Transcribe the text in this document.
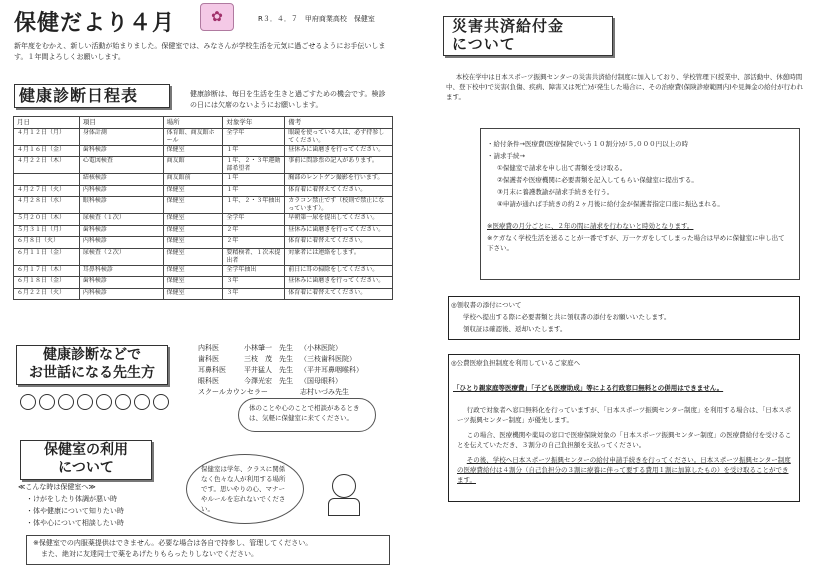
保健だより４月	✿	R３．４．７　甲府商業高校　保健室
新年度をむかえ、新しい活動が始まりました。保健室では、みなさんが学校生活を元気に過ごせるようにお手伝いします。１年間よろしくお願いします。
健康診断日程表	健康診断は、毎日を生活を生きと過ごすための機会です。検診の日には欠席のないようにお願いします。
月日	項目	場所	対象学年	備考
４月１２日（月）	身体計測	体育館、商友館ホール	全学年	眼鏡を使っている人は、必ず持参してください。
４月１６日（金）	歯科検診	保健室	１年	昼休みに歯磨きを行ってください。
４月２２日（木）	心電図検査	商友館	１年、２・３年運動部希望者	事前に問診票の記入があります。
	結核検診	商友館前	１年	胸部のレントゲン撮影を行います。
４月２７日（火）	内科検診	保健室	１年	体育着に着替えてください。
４月２８日（水）	眼科検診	保健室	１年、２・３年抽出	カラコン禁止です（校則で禁止になっています）。
５月２０日（木）	尿検査（１次）	保健室	全学年	早朝第一尿を提出してください。
５月３１日（月）	歯科検診	保健室	２年	昼休みに歯磨きを行ってください。
６月８日（火）	内科検診	保健室	２年	体育着に着替えてください。
６月１１日（金）	尿検査（２次）	保健室	要精検者、１次未提出者	対象者には連絡をします。
６月１７日（木）	耳鼻科検診	保健室	全学年抽出	前日に耳の掃除をしてください。
６月１８日（金）	歯科検診	保健室	３年	昼休みに歯磨きを行ってください。
６月２２日（火）	内科検診	保健室	３年	体育着に着替えてください。
健康診断などで
お世話になる先生方
内科医	小林肇一　先生	（小林医院）
歯科医	三枝　茂　先生	（三枝歯科医院）
耳鼻科医	平井猛人　先生	（平井耳鼻咽喉科）
眼科医	今澤光宏　先生	（国母眼科）
スクールカウンセラー	志村いづみ先生
体のことや心のことで相談があるときは、気軽に保健室に来てください。
保健室の利用
について
≪こんな時は保健室へ≫
・けがをしたり体調が悪い時
・体や健康について知りたい時
・体や心について相談したい時
保健室は学年、クラスに関係なく色々な人が利用する場所です。思いやりの心、マナーやルールを忘れないでください。
※保健室での内服薬提供はできません。必要な場合は各自で持参し、管理してください。
また、絶対に友達同士で薬をあげたりもらったりしないでください。
災害共済給付金
について
本校在学中は日本スポーツ振興センターの災害共済給付制度に加入しており、学校管理下(授業中、部活動中、休憩時間中、登下校中)で災害(負傷、疾病、障害又は死亡)が発生した場合に、その治療費(保険診療範囲内)や見舞金の給付が行われます。
・給付条件→医療費(医療保険でいう１０割分)が５,０００円以上の時
・請求手続→
①保健室で請求を申し出て書類を受け取る。
②保護者や医療機関に必要書類を記入してもらい保健室に提出する。
③月末に養護教諭が請求手続きを行う。
④申請が通れば手続きの約２ヶ月後に給付金が保護者指定口座に振込まれる。
※医療費の月分ごとに、２年の間に請求を行わないと時効となります。
※ケガなく学校生活を送ることが一番ですが、万一ケガをしてしまった場合は早めに保健室に申し出て下さい。
◎領収書の添付について
学校へ提出する際に必要書類と共に領収書の添付をお願いいたします。
領収証は確認後、返却いたします。
◎公費医療負担制度を利用しているご家庭へ
「ひとり親家庭等医療費」「子ども医療助成」等による行政窓口無料との併用はできません。
行政で対象者へ窓口無料化を行っていますが、「日本スポーツ振興センター制度」を利用する場合は、「日本スポーツ振興センター制度」が優先します。
この場合、医療機関や薬局の窓口で医療保険対象の「日本スポーツ振興センター制度」の医療費給付を受けることを伝えていただき、３割分の自己負担額を支払ってください。
その後、学校へ日本スポーツ振興センターの給付申請手続きを行ってください。日本スポーツ振興センター制度の医療費給付は４割分（自己負担分の３割に療養に伴って要する費用１割に加算したもの）を受け取ることができます。
